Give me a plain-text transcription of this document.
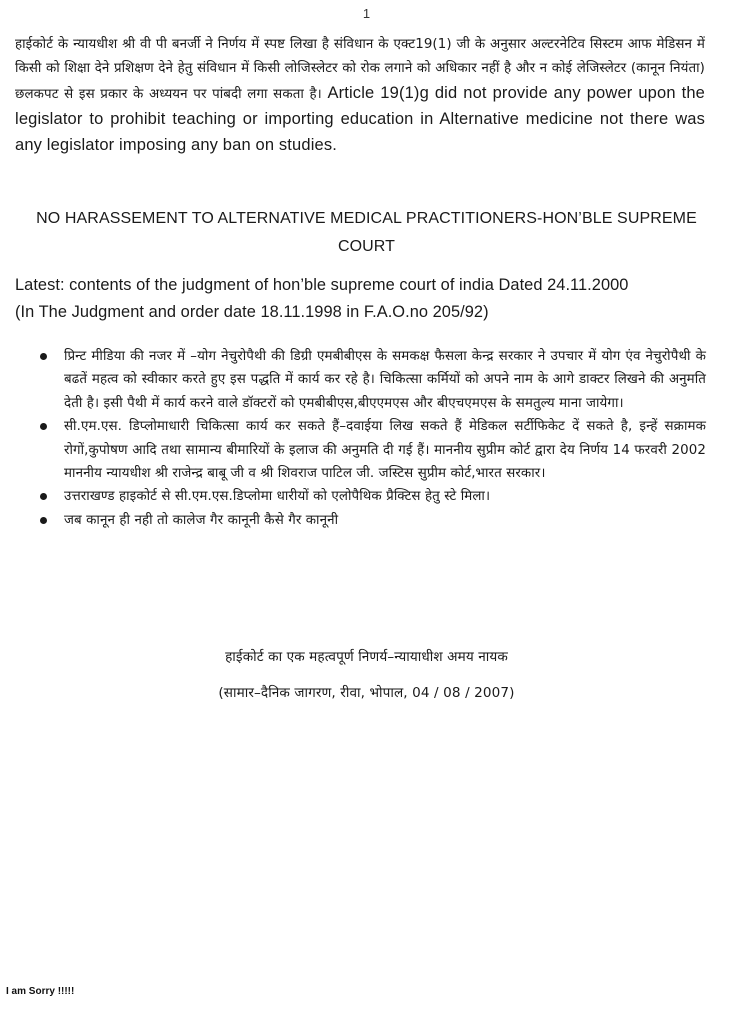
1
हाईकोर्ट के न्यायधीश श्री वी पी बनर्जी ने निर्णय में स्पष्ट लिखा है संविधान के एक्ट19(1) जी के अनुसार अल्टरनेटिव सिस्टम आफ मेडिसन में किसी को शिक्षा देने प्रशिक्षण देने हेतु संविधान में किसी लोजिस्लेटर को रोक लगाने को अधिकार नहीं है और न कोई लेजिस्लेटर (कानून नियंता) छलकपट से इस प्रकार के अध्ययन पर पांबदी लगा सकता है। Article 19(1)g did not provide any power upon the legislator to prohibit teaching or importing education in Alternative medicine not there was any legislator imposing any ban on studies.
NO HARASSEMENT TO ALTERNATIVE MEDICAL PRACTITIONERS-HON’BLE SUPREME COURT
Latest: contents of the judgment of hon’ble supreme court of india Dated 24.11.2000
(In The Judgment and order date 18.11.1998 in F.A.O.no 205/92)
प्रिन्ट मीडिया की नजर में –योग नेचुरोपैथी की डिग्री एमबीबीएस के समकक्ष फैसला केन्द्र सरकार ने उपचार में योग एंव नेचुरोपैथी के बढतें महत्व को स्वीकार करते हुए इस पद्धति में कार्य कर रहे है। चिकित्सा कर्मियों को अपने नाम के आगे डाक्टर लिखने की अनुमति देती है। इसी पैथी में कार्य करने वाले डॉक्टरों को एमबीबीएस,बीएएमएस और बीएचएमएस के समतुल्य माना जायेगा।
सी.एम.एस. डिप्लोमाधारी चिकित्सा कार्य कर सकते हैं–दवाईया लिख सकते हैं मेडिकल सर्टीफिकेट दें सकते है, इन्हें सक्रामक रोगों,कुपोषण आदि तथा सामान्य बीमारियों के इलाज की अनुमति दी गई हैं। माननीय सुप्रीम कोर्ट द्वारा देय निर्णय 14 फरवरी 2002 माननीय न्यायधीश श्री राजेन्द्र बाबू जी व श्री शिवराज पाटिल जी. जस्टिस सुप्रीम कोर्ट,भारत सरकार।
उत्तराखण्ड हाइकोर्ट से सी.एम.एस.डिप्लोमा धारीयों को एलोपैथिक प्रैक्टिस हेतु स्टे मिला।
जब कानून ही नही तो कालेज गैर कानूनी कैसे गैर कानूनी
हाईकोर्ट का एक महत्वपूर्ण निणर्य–न्यायाधीश अमय नायक
(सामार–दैनिक जागरण, रीवा, भोपाल, 04 / 08 / 2007)
I am Sorry !!!!!
